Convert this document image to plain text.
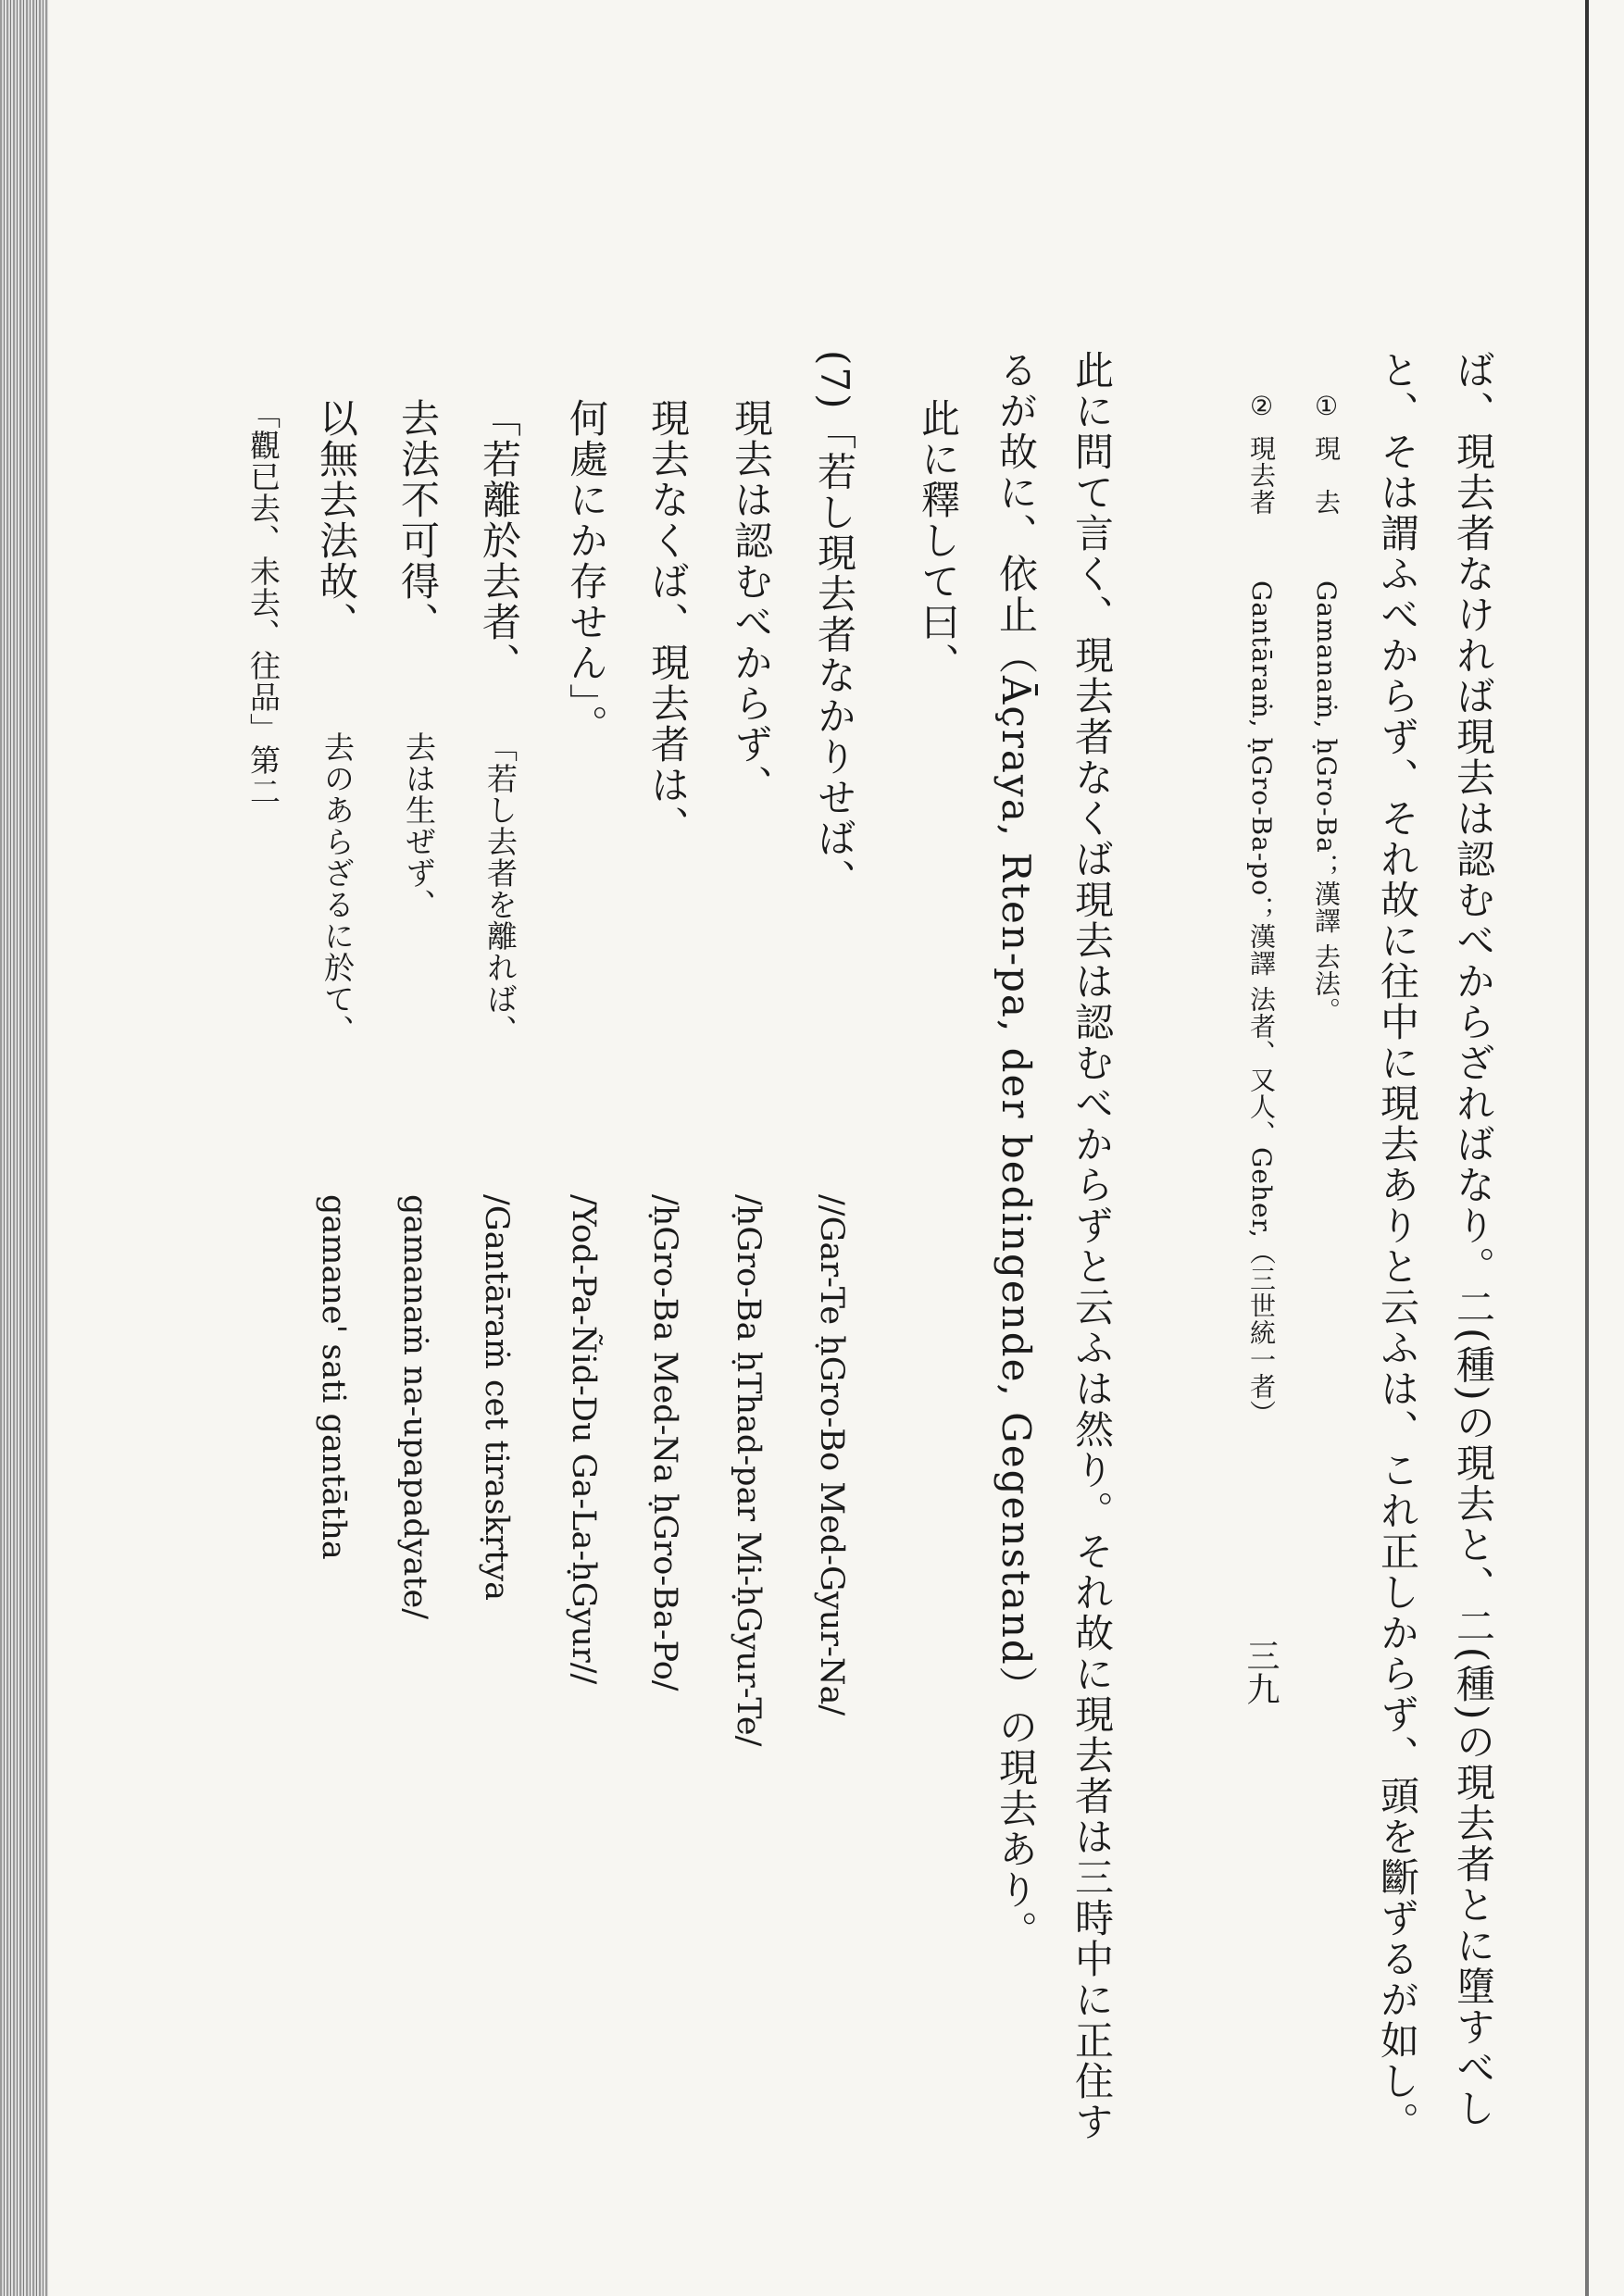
ば、現去者なければ現去は認むべからざればなり。二(種)の現去と、二(種)の現去者とに墮すべし
と、そは謂ふべからず、それ故に往中に現去ありと云ふは、これ正しからず、頭を斷ずるが如し。
①現　去Gamanaṁ, ḥGro-Ba；漢譯 去法。
②現去者Gantāraṁ, ḥGro-Ba-po；漢譯 法者、又人、Geher,（三世統一者）
此に問て言く、現去者なくば現去は認むべからずと云ふは然り。それ故に現去者は三時中に正住す
るが故に、依止（Āçraya, Rten-pa, der bedingende, Gegenstand）の現去あり。
此に釋して曰、
(7)「若し現去者なかりせば、
現去は認むべからず、
現去なくば、現去者は、
何處にか存せん」。
//Gar-Te ḥGro-Bo Med-Gyur-Na/
/ḥGro-Ba ḥThad-par Mi-ḥGyur-Te/
/ḥGro-Ba Med-Na ḥGro-Ba-Po/
/Yod-Pa-Ñid-Du Ga-La-ḥGyur//
「若離於去者、
「若し去者を離れば、
/Gantāraṁ cet tiraskṛtya
去法不可得、
去は生ぜず、
gamanaṁ na-upapadyate/
以無去法故、
去のあらざるに於て、
gamane' sati gantātha
「觀已去、未去、往品」第二
三九
